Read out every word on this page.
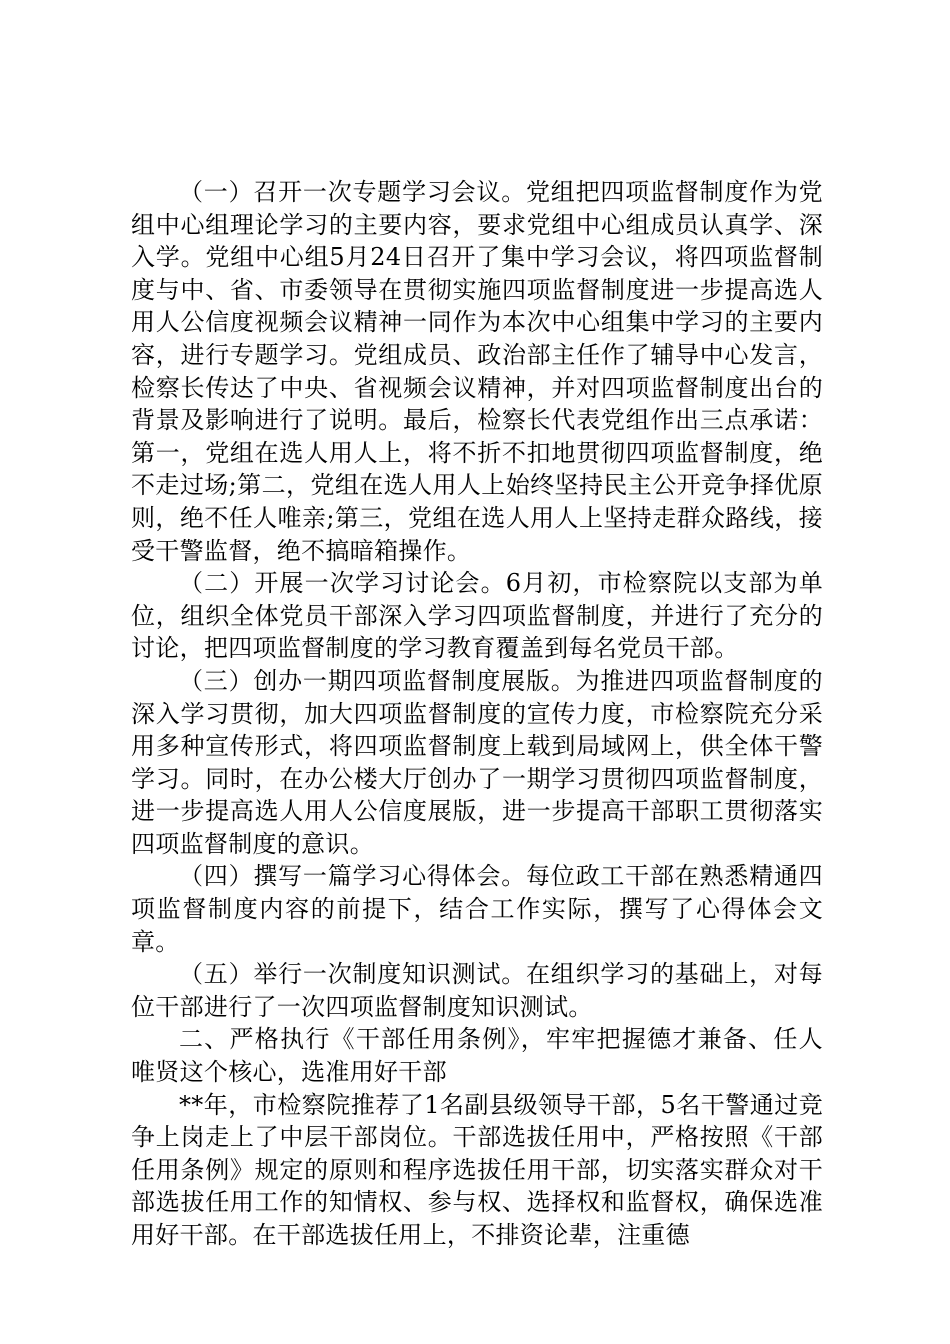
（一）召开一次专题学习会议。党组把四项监督制度作为党组中心组理论学习的主要内容，要求党组中心组成员认真学、深入学。党组中心组5月24日召开了集中学习会议，将四项监督制度与中、省、市委领导在贯彻实施四项监督制度进一步提高选人用人公信度视频会议精神一同作为本次中心组集中学习的主要内容，进行专题学习。党组成员、政治部主任作了辅导中心发言，检察长传达了中央、省视频会议精神，并对四项监督制度出台的背景及影响进行了说明。最后，检察长代表党组作出三点承诺：第一，党组在选人用人上，将不折不扣地贯彻四项监督制度，绝不走过场;第二，党组在选人用人上始终坚持民主公开竞争择优原则，绝不任人唯亲;第三，党组在选人用人上坚持走群众路线，接受干警监督，绝不搞暗箱操作。

（二）开展一次学习讨论会。6月初，市检察院以支部为单位，组织全体党员干部深入学习四项监督制度，并进行了充分的讨论，把四项监督制度的学习教育覆盖到每名党员干部。

（三）创办一期四项监督制度展版。为推进四项监督制度的深入学习贯彻，加大四项监督制度的宣传力度，市检察院充分采用多种宣传形式，将四项监督制度上载到局域网上，供全体干警学习。同时，在办公楼大厅创办了一期学习贯彻四项监督制度，进一步提高选人用人公信度展版，进一步提高干部职工贯彻落实四项监督制度的意识。

（四）撰写一篇学习心得体会。每位政工干部在熟悉精通四项监督制度内容的前提下，结合工作实际，撰写了心得体会文章。

（五）举行一次制度知识测试。在组织学习的基础上，对每位干部进行了一次四项监督制度知识测试。

二、严格执行《干部任用条例》，牢牢把握德才兼备、任人唯贤这个核心，选准用好干部

**年，市检察院推荐了1名副县级领导干部，5名干警通过竞争上岗走上了中层干部岗位。干部选拔任用中，严格按照《干部任用条例》规定的原则和程序选拔任用干部，切实落实群众对干部选拔任用工作的知情权、参与权、选择权和监督权，确保选准用好干部。在干部选拔任用上，不排资论辈，注重德
